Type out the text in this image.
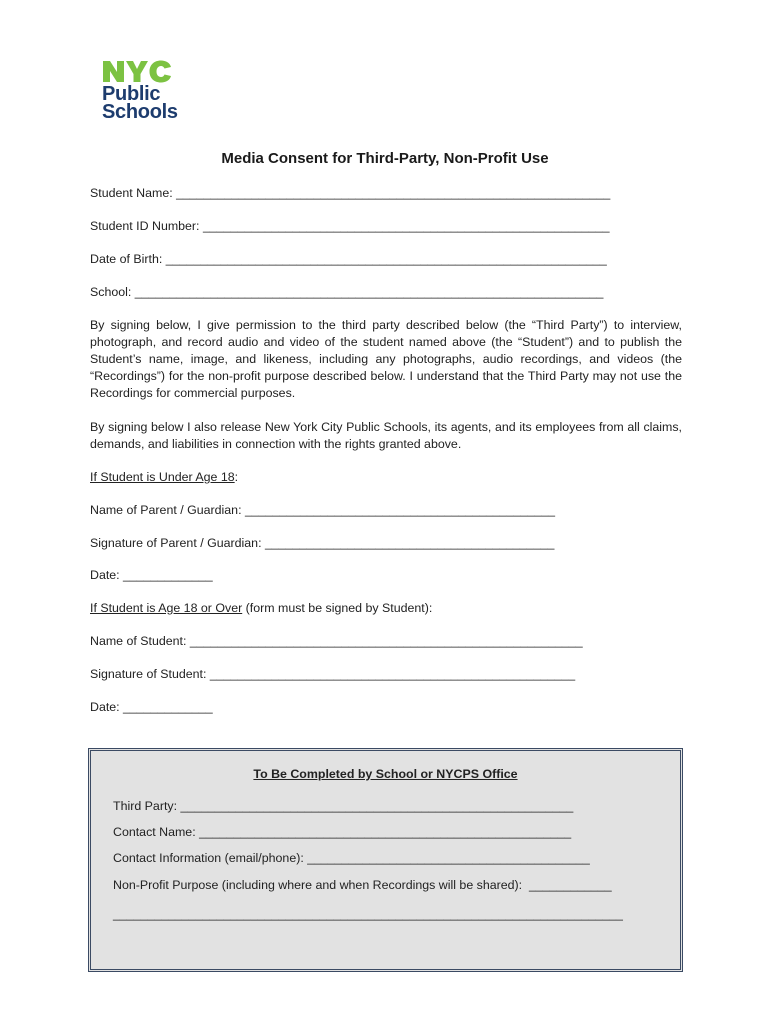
Public
Schools
Media Consent for Third-Party, Non-Profit Use
Student Name: _______________________________________________________________
Student ID Number: ___________________________________________________________
Date of Birth: ________________________________________________________________
School: ____________________________________________________________________
By signing below, I give permission to the third party described below (the “Third Party”) to interview, photograph, and record audio and video of the student named above (the “Student”) and to publish the Student’s name, image, and likeness, including any photographs, audio recordings, and videos (the “Recordings”) for the non-profit purpose described below. I understand that the Third Party may not use the Recordings for commercial purposes.
By signing below I also release New York City Public Schools, its agents, and its employees from all claims, demands, and liabilities in connection with the rights granted above.
If Student is Under Age 18:
Name of Parent / Guardian: _____________________________________________
Signature of Parent / Guardian: __________________________________________
Date: _____________
If Student is Age 18 or Over (form must be signed by Student):
Name of Student: _________________________________________________________
Signature of Student: _____________________________________________________
Date: _____________
To Be Completed by School or NYCPS Office
Third Party: _________________________________________________________
Contact Name: ______________________________________________________
Contact Information (email/phone): _________________________________________
Non-Profit Purpose (including where and when Recordings will be shared):  ____________
__________________________________________________________________________
